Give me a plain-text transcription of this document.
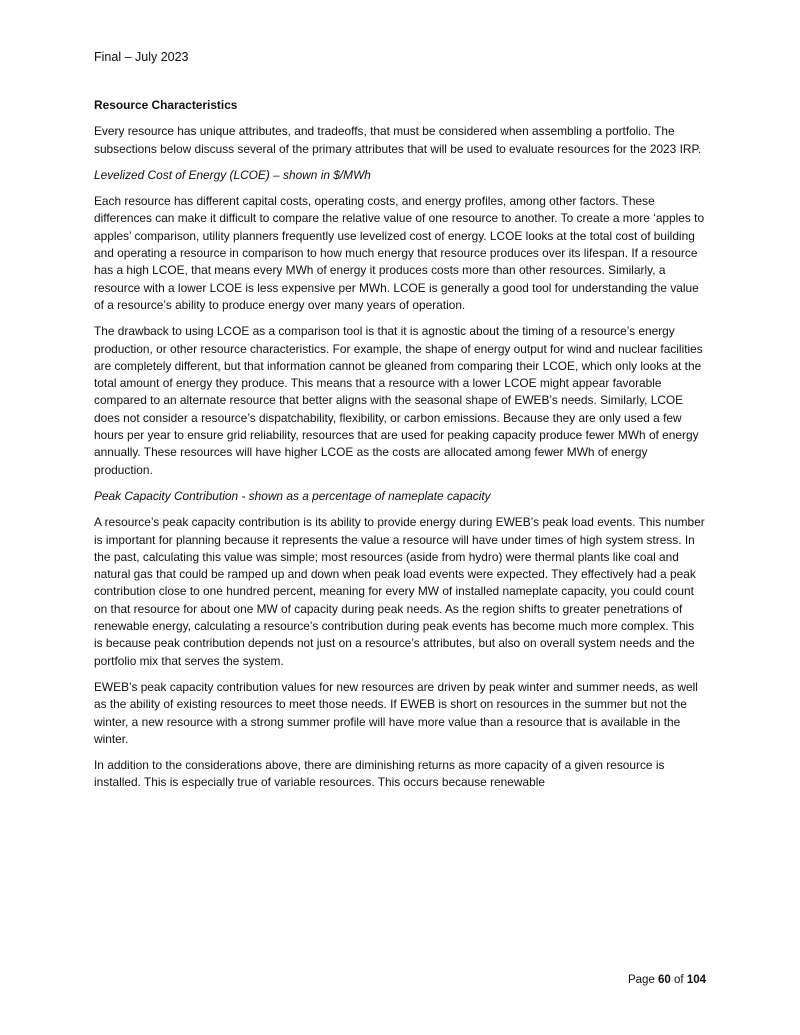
Final – July 2023

Resource Characteristics

Every resource has unique attributes, and tradeoffs, that must be considered when assembling a portfolio. The subsections below discuss several of the primary attributes that will be used to evaluate resources for the 2023 IRP.

Levelized Cost of Energy (LCOE) – shown in $/MWh

Each resource has different capital costs, operating costs, and energy profiles, among other factors. These differences can make it difficult to compare the relative value of one resource to another. To create a more ‘apples to apples’ comparison, utility planners frequently use levelized cost of energy. LCOE looks at the total cost of building and operating a resource in comparison to how much energy that resource produces over its lifespan. If a resource has a high LCOE, that means every MWh of energy it produces costs more than other resources. Similarly, a resource with a lower LCOE is less expensive per MWh. LCOE is generally a good tool for understanding the value of a resource’s ability to produce energy over many years of operation.

The drawback to using LCOE as a comparison tool is that it is agnostic about the timing of a resource’s energy production, or other resource characteristics. For example, the shape of energy output for wind and nuclear facilities are completely different, but that information cannot be gleaned from comparing their LCOE, which only looks at the total amount of energy they produce. This means that a resource with a lower LCOE might appear favorable compared to an alternate resource that better aligns with the seasonal shape of EWEB’s needs. Similarly, LCOE does not consider a resource’s dispatchability, flexibility, or carbon emissions. Because they are only used a few hours per year to ensure grid reliability, resources that are used for peaking capacity produce fewer MWh of energy annually. These resources will have higher LCOE as the costs are allocated among fewer MWh of energy production.

Peak Capacity Contribution - shown as a percentage of nameplate capacity

A resource’s peak capacity contribution is its ability to provide energy during EWEB’s peak load events. This number is important for planning because it represents the value a resource will have under times of high system stress. In the past, calculating this value was simple; most resources (aside from hydro) were thermal plants like coal and natural gas that could be ramped up and down when peak load events were expected. They effectively had a peak contribution close to one hundred percent, meaning for every MW of installed nameplate capacity, you could count on that resource for about one MW of capacity during peak needs. As the region shifts to greater penetrations of renewable energy, calculating a resource’s contribution during peak events has become much more complex. This is because peak contribution depends not just on a resource’s attributes, but also on overall system needs and the portfolio mix that serves the system.

EWEB’s peak capacity contribution values for new resources are driven by peak winter and summer needs, as well as the ability of existing resources to meet those needs. If EWEB is short on resources in the summer but not the winter, a new resource with a strong summer profile will have more value than a resource that is available in the winter.

In addition to the considerations above, there are diminishing returns as more capacity of a given resource is installed. This is especially true of variable resources. This occurs because renewable

Page 60 of 104
